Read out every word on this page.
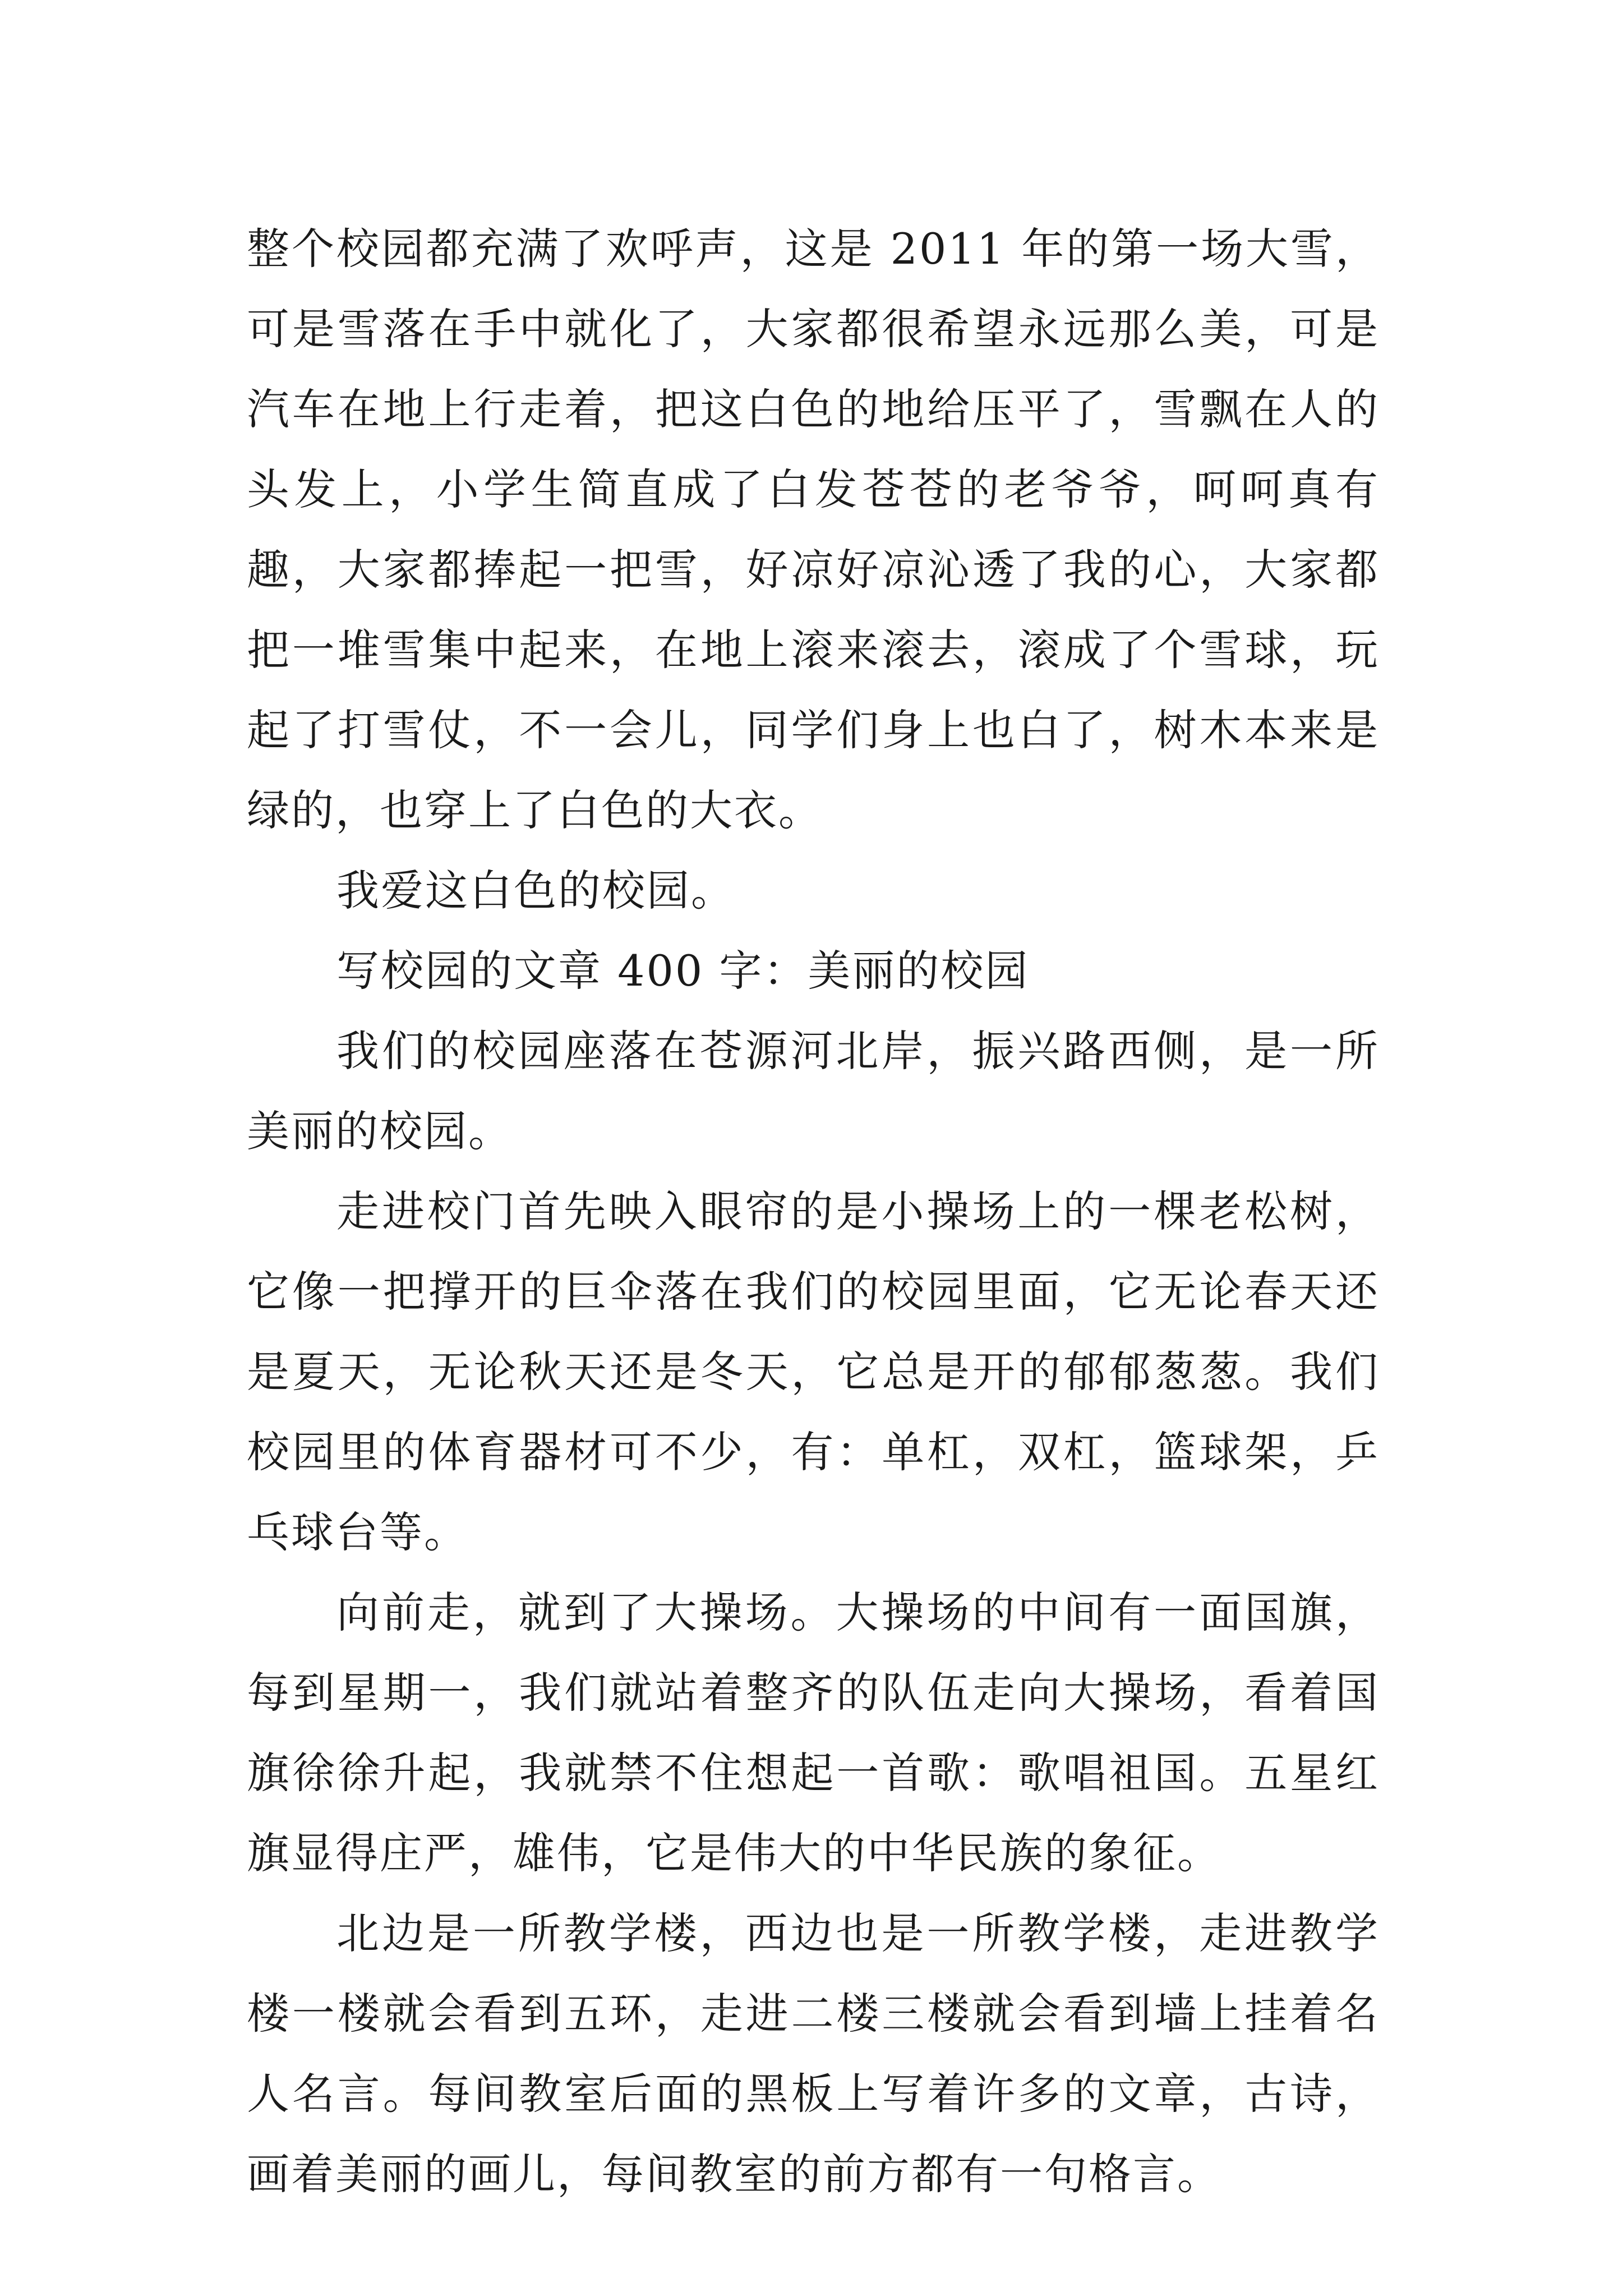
整个校园都充满了欢呼声，这是 2011 年的第一场大雪，可是雪落在手中就化了，大家都很希望永远那么美，可是汽车在地上行走着，把这白色的地给压平了，雪飘在人的头发上，小学生简直成了白发苍苍的老爷爷，呵呵真有趣，大家都捧起一把雪，好凉好凉沁透了我的心，大家都把一堆雪集中起来，在地上滚来滚去，滚成了个雪球，玩起了打雪仗，不一会儿，同学们身上也白了，树木本来是绿的，也穿上了白色的大衣。

我爱这白色的校园。

写校园的文章 400 字：美丽的校园

我们的校园座落在苍源河北岸，振兴路西侧，是一所美丽的校园。

走进校门首先映入眼帘的是小操场上的一棵老松树，它像一把撑开的巨伞落在我们的校园里面，它无论春天还是夏天，无论秋天还是冬天，它总是开的郁郁葱葱。我们校园里的体育器材可不少，有：单杠，双杠，篮球架，乒乓球台等。

向前走，就到了大操场。大操场的中间有一面国旗，每到星期一，我们就站着整齐的队伍走向大操场，看着国旗徐徐升起，我就禁不住想起一首歌：歌唱祖国。五星红旗显得庄严，雄伟，它是伟大的中华民族的象征。

北边是一所教学楼，西边也是一所教学楼，走进教学楼一楼就会看到五环，走进二楼三楼就会看到墙上挂着名人名言。每间教室后面的黑板上写着许多的文章，古诗，画着美丽的画儿，每间教室的前方都有一句格言。
